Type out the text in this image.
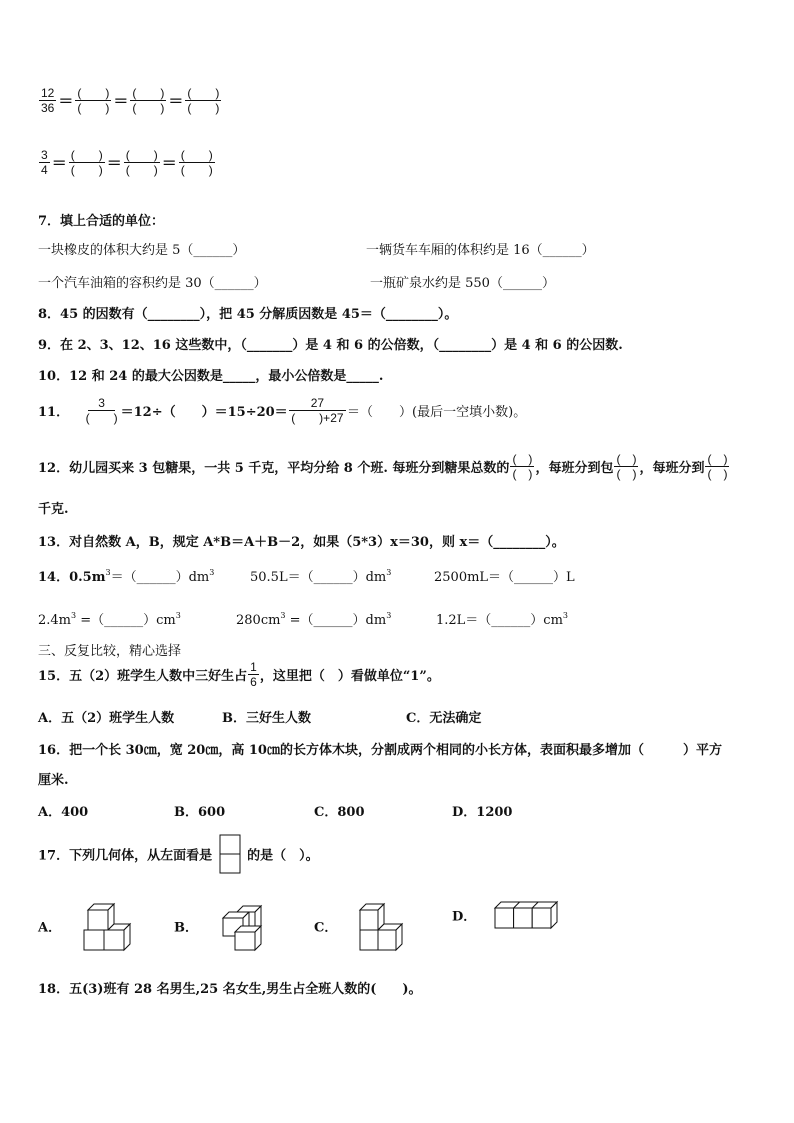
$\frac{12}{36} = \frac{( )}{( )} = \frac{( )}{( )} = \frac{( )}{( )}$
$\frac{3}{4} = \frac{( )}{( )} = \frac{( )}{( )} = \frac{( )}{( )}$
7．填上合适的单位：
一块橡皮的体积大约是 5（______）	一辆货车车厢的体积约是 16（______）
一个汽车油箱的容积约是 30（______）	一瓶矿泉水约是 550（______）
8．45 的因数有（________），把 45 分解质因数是 45＝（________）。
9．在 2、3、12、16 这些数中，（_______）是 4 和 6 的公倍数，（________）是 4 和 6 的公因数.
10．12 和 24 的最大公因数是_____，最小公倍数是_____.
11． $\frac{3}{( )} =12\div$（　　）$=15\div 20= \frac{27}{( )+27}$ ＝（　　）(最后一空填小数)。
12．幼儿园买来 3 包糖果，一共 5 千克，平均分给 8 个班. 每班分到糖果总数的 $\frac{( )}{( )}$ ，每班分到包 $\frac{( )}{( )}$ ，每班分到 $\frac{( )}{( )}$
千克.
13．对自然数 A，B，规定 A*B＝A＋B－2，如果（5*3）x＝30，则 x＝（________）。
14．$0.5m^3=(\_\_\_\_\_\_)dm^3$	$50.5L=(\_\_\_\_\_\_)dm^3$	2500mL＝（______）L
$2.4m^3$ $=(\_\_\_\_\_\_)cm^3$	$280cm^3$ $=(\_\_\_\_\_\_)dm^3$	$1.2L=(\_\_\_\_\_\_)cm^3$
三、反复比较，精心选择
15．五（2）班学生人数中三好生占 $\frac{1}{6}$ ，这里把（　）看做单位“1”。
A．五（2）班学生人数	B．三好生人数	C．无法确定
16．把一个长 30㎝，宽 20㎝，高 10㎝的长方体木块，分割成两个相同的小长方体，表面积最多增加（　　　）平方
厘米.
A．400	B．600	C．800	D．1200
17．下列几何体，从左面看是	的是（　）。
A．	B．	C．
D．
18．五(3)班有 28 名男生,25 名女生,男生占全班人数的(　　)。
